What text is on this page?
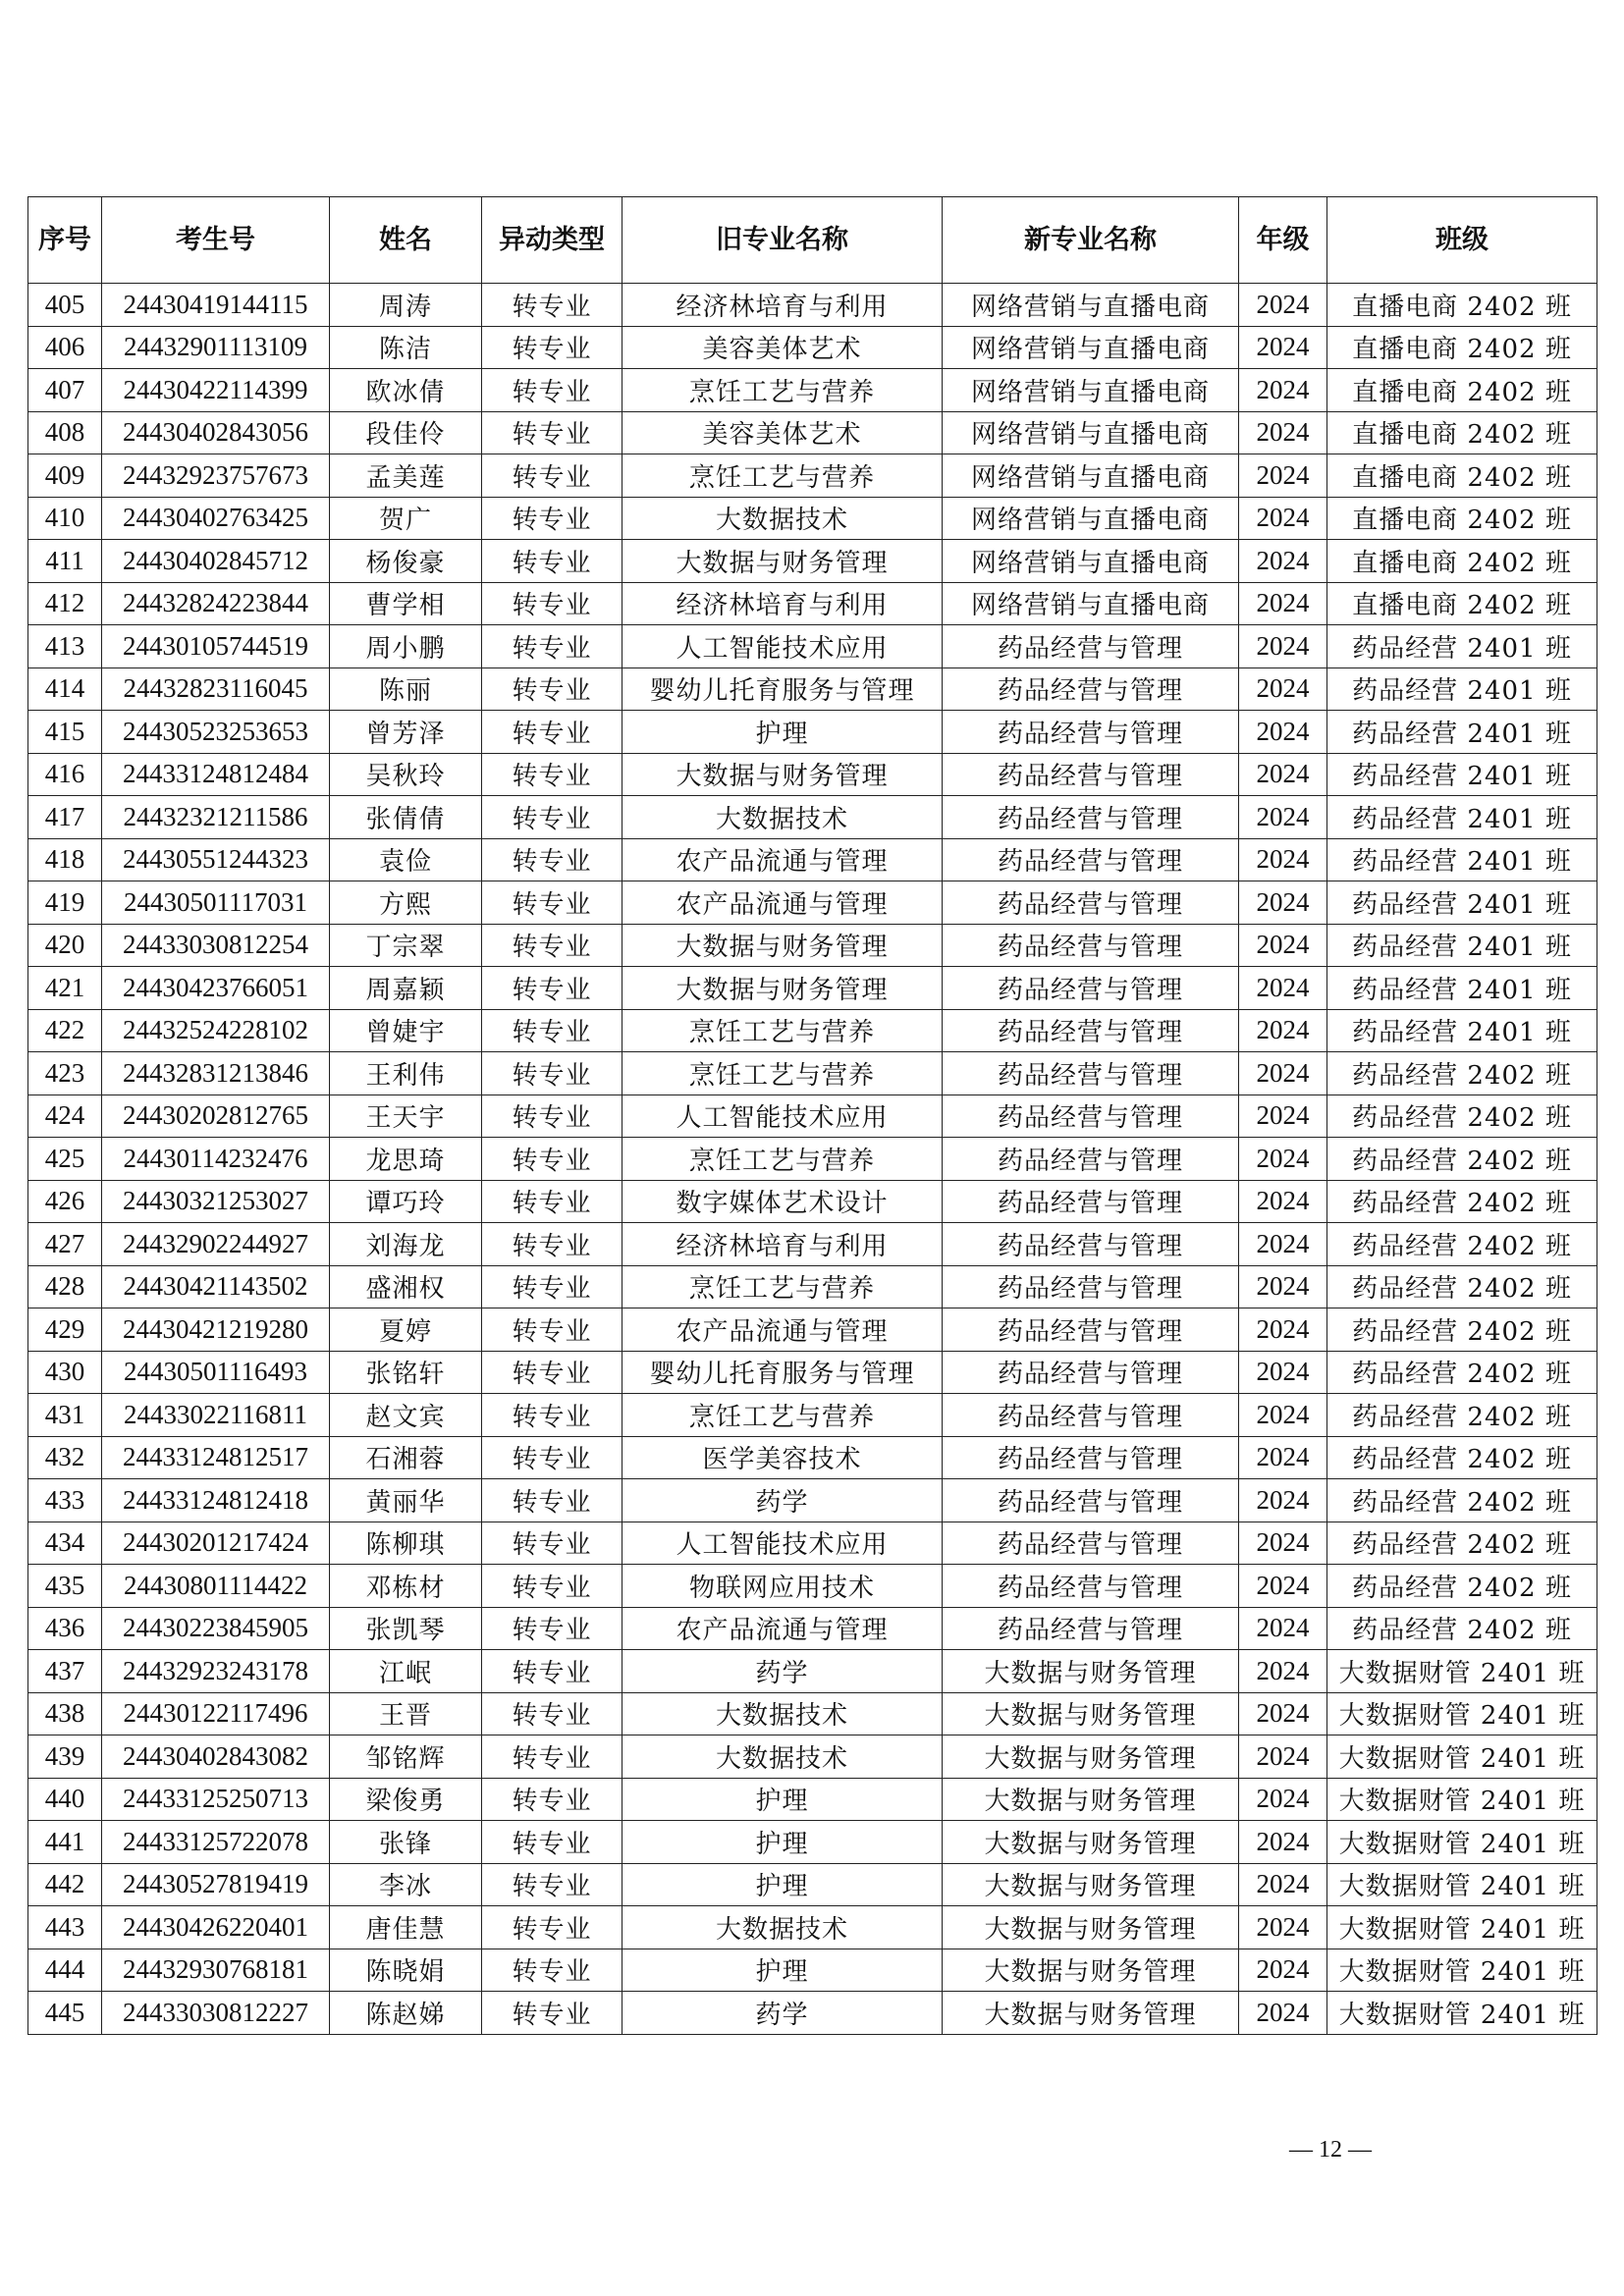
序号	考生号	姓名	异动类型	旧专业名称	新专业名称	年级	班级
405	24430419144115	周涛	转专业	经济林培育与利用	网络营销与直播电商	2024	直播电商 2402 班
406	24432901113109	陈洁	转专业	美容美体艺术	网络营销与直播电商	2024	直播电商 2402 班
407	24430422114399	欧冰倩	转专业	烹饪工艺与营养	网络营销与直播电商	2024	直播电商 2402 班
408	24430402843056	段佳伶	转专业	美容美体艺术	网络营销与直播电商	2024	直播电商 2402 班
409	24432923757673	孟美莲	转专业	烹饪工艺与营养	网络营销与直播电商	2024	直播电商 2402 班
410	24430402763425	贺广	转专业	大数据技术	网络营销与直播电商	2024	直播电商 2402 班
411	24430402845712	杨俊豪	转专业	大数据与财务管理	网络营销与直播电商	2024	直播电商 2402 班
412	24432824223844	曹学相	转专业	经济林培育与利用	网络营销与直播电商	2024	直播电商 2402 班
413	24430105744519	周小鹏	转专业	人工智能技术应用	药品经营与管理	2024	药品经营 2401 班
414	24432823116045	陈丽	转专业	婴幼儿托育服务与管理	药品经营与管理	2024	药品经营 2401 班
415	24430523253653	曾芳泽	转专业	护理	药品经营与管理	2024	药品经营 2401 班
416	24433124812484	吴秋玲	转专业	大数据与财务管理	药品经营与管理	2024	药品经营 2401 班
417	24432321211586	张倩倩	转专业	大数据技术	药品经营与管理	2024	药品经营 2401 班
418	24430551244323	袁俭	转专业	农产品流通与管理	药品经营与管理	2024	药品经营 2401 班
419	24430501117031	方熙	转专业	农产品流通与管理	药品经营与管理	2024	药品经营 2401 班
420	24433030812254	丁宗翠	转专业	大数据与财务管理	药品经营与管理	2024	药品经营 2401 班
421	24430423766051	周嘉颖	转专业	大数据与财务管理	药品经营与管理	2024	药品经营 2401 班
422	24432524228102	曾婕宇	转专业	烹饪工艺与营养	药品经营与管理	2024	药品经营 2401 班
423	24432831213846	王利伟	转专业	烹饪工艺与营养	药品经营与管理	2024	药品经营 2402 班
424	24430202812765	王天宇	转专业	人工智能技术应用	药品经营与管理	2024	药品经营 2402 班
425	24430114232476	龙思琦	转专业	烹饪工艺与营养	药品经营与管理	2024	药品经营 2402 班
426	24430321253027	谭巧玲	转专业	数字媒体艺术设计	药品经营与管理	2024	药品经营 2402 班
427	24432902244927	刘海龙	转专业	经济林培育与利用	药品经营与管理	2024	药品经营 2402 班
428	24430421143502	盛湘权	转专业	烹饪工艺与营养	药品经营与管理	2024	药品经营 2402 班
429	24430421219280	夏婷	转专业	农产品流通与管理	药品经营与管理	2024	药品经营 2402 班
430	24430501116493	张铭轩	转专业	婴幼儿托育服务与管理	药品经营与管理	2024	药品经营 2402 班
431	24433022116811	赵文宾	转专业	烹饪工艺与营养	药品经营与管理	2024	药品经营 2402 班
432	24433124812517	石湘蓉	转专业	医学美容技术	药品经营与管理	2024	药品经营 2402 班
433	24433124812418	黄丽华	转专业	药学	药品经营与管理	2024	药品经营 2402 班
434	24430201217424	陈柳琪	转专业	人工智能技术应用	药品经营与管理	2024	药品经营 2402 班
435	24430801114422	邓栋材	转专业	物联网应用技术	药品经营与管理	2024	药品经营 2402 班
436	24430223845905	张凯琴	转专业	农产品流通与管理	药品经营与管理	2024	药品经营 2402 班
437	24432923243178	江岷	转专业	药学	大数据与财务管理	2024	大数据财管 2401 班
438	24430122117496	王晋	转专业	大数据技术	大数据与财务管理	2024	大数据财管 2401 班
439	24430402843082	邹铭辉	转专业	大数据技术	大数据与财务管理	2024	大数据财管 2401 班
440	24433125250713	梁俊勇	转专业	护理	大数据与财务管理	2024	大数据财管 2401 班
441	24433125722078	张锋	转专业	护理	大数据与财务管理	2024	大数据财管 2401 班
442	24430527819419	李冰	转专业	护理	大数据与财务管理	2024	大数据财管 2401 班
443	24430426220401	唐佳慧	转专业	大数据技术	大数据与财务管理	2024	大数据财管 2401 班
444	24432930768181	陈晓娟	转专业	护理	大数据与财务管理	2024	大数据财管 2401 班
445	24433030812227	陈赵娣	转专业	药学	大数据与财务管理	2024	大数据财管 2401 班
— 12 —
